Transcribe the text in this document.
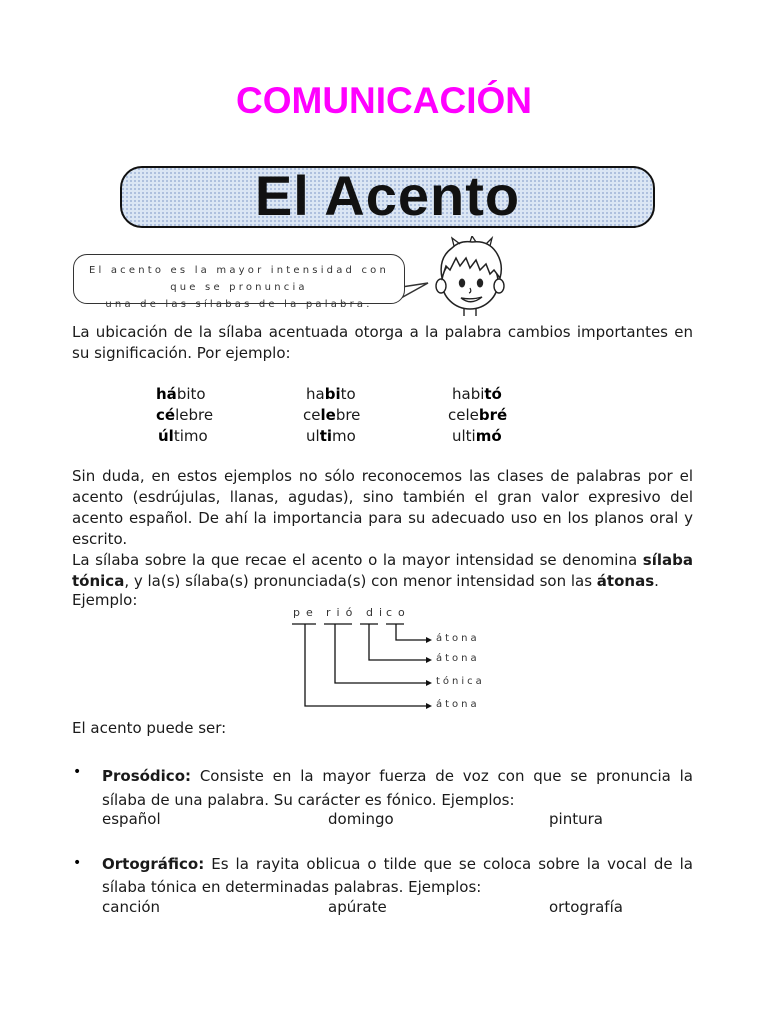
COMUNICACIÓN
El Acento
El acento es la mayor intensidad con que se pronuncia
una de las sílabas de la palabra.
La ubicación de la sílaba acentuada otorga a la palabra cambios importantes en su significación. Por ejemplo:
hábito	habito	habitó
célebre	celebre	celebré
último	ultimo	ultimó
Sin duda, en estos ejemplos no sólo reconocemos las clases de palabras por el acento (esdrújulas, llanas, agudas), sino también el gran valor expresivo del acento español. De ahí la importancia para su adecuado uso en los planos oral y escrito.
La sílaba sobre la que recae el acento o la mayor intensidad se denomina sílaba tónica, y la(s) sílaba(s) pronunciada(s) con menor intensidad son las átonas.
Ejemplo:
pe rió di
co
átona
átona
tónica
átona
El acento puede ser:
• Prosódico: Consiste en la mayor fuerza de voz con que se pronuncia la sílaba de una palabra. Su carácter es fónico. Ejemplos:
español	domingo	pintura
• Ortográfico: Es la rayita oblicua o tilde que se coloca sobre la vocal de la sílaba tónica en determinadas palabras. Ejemplos:
canción	apúrate	ortografía
